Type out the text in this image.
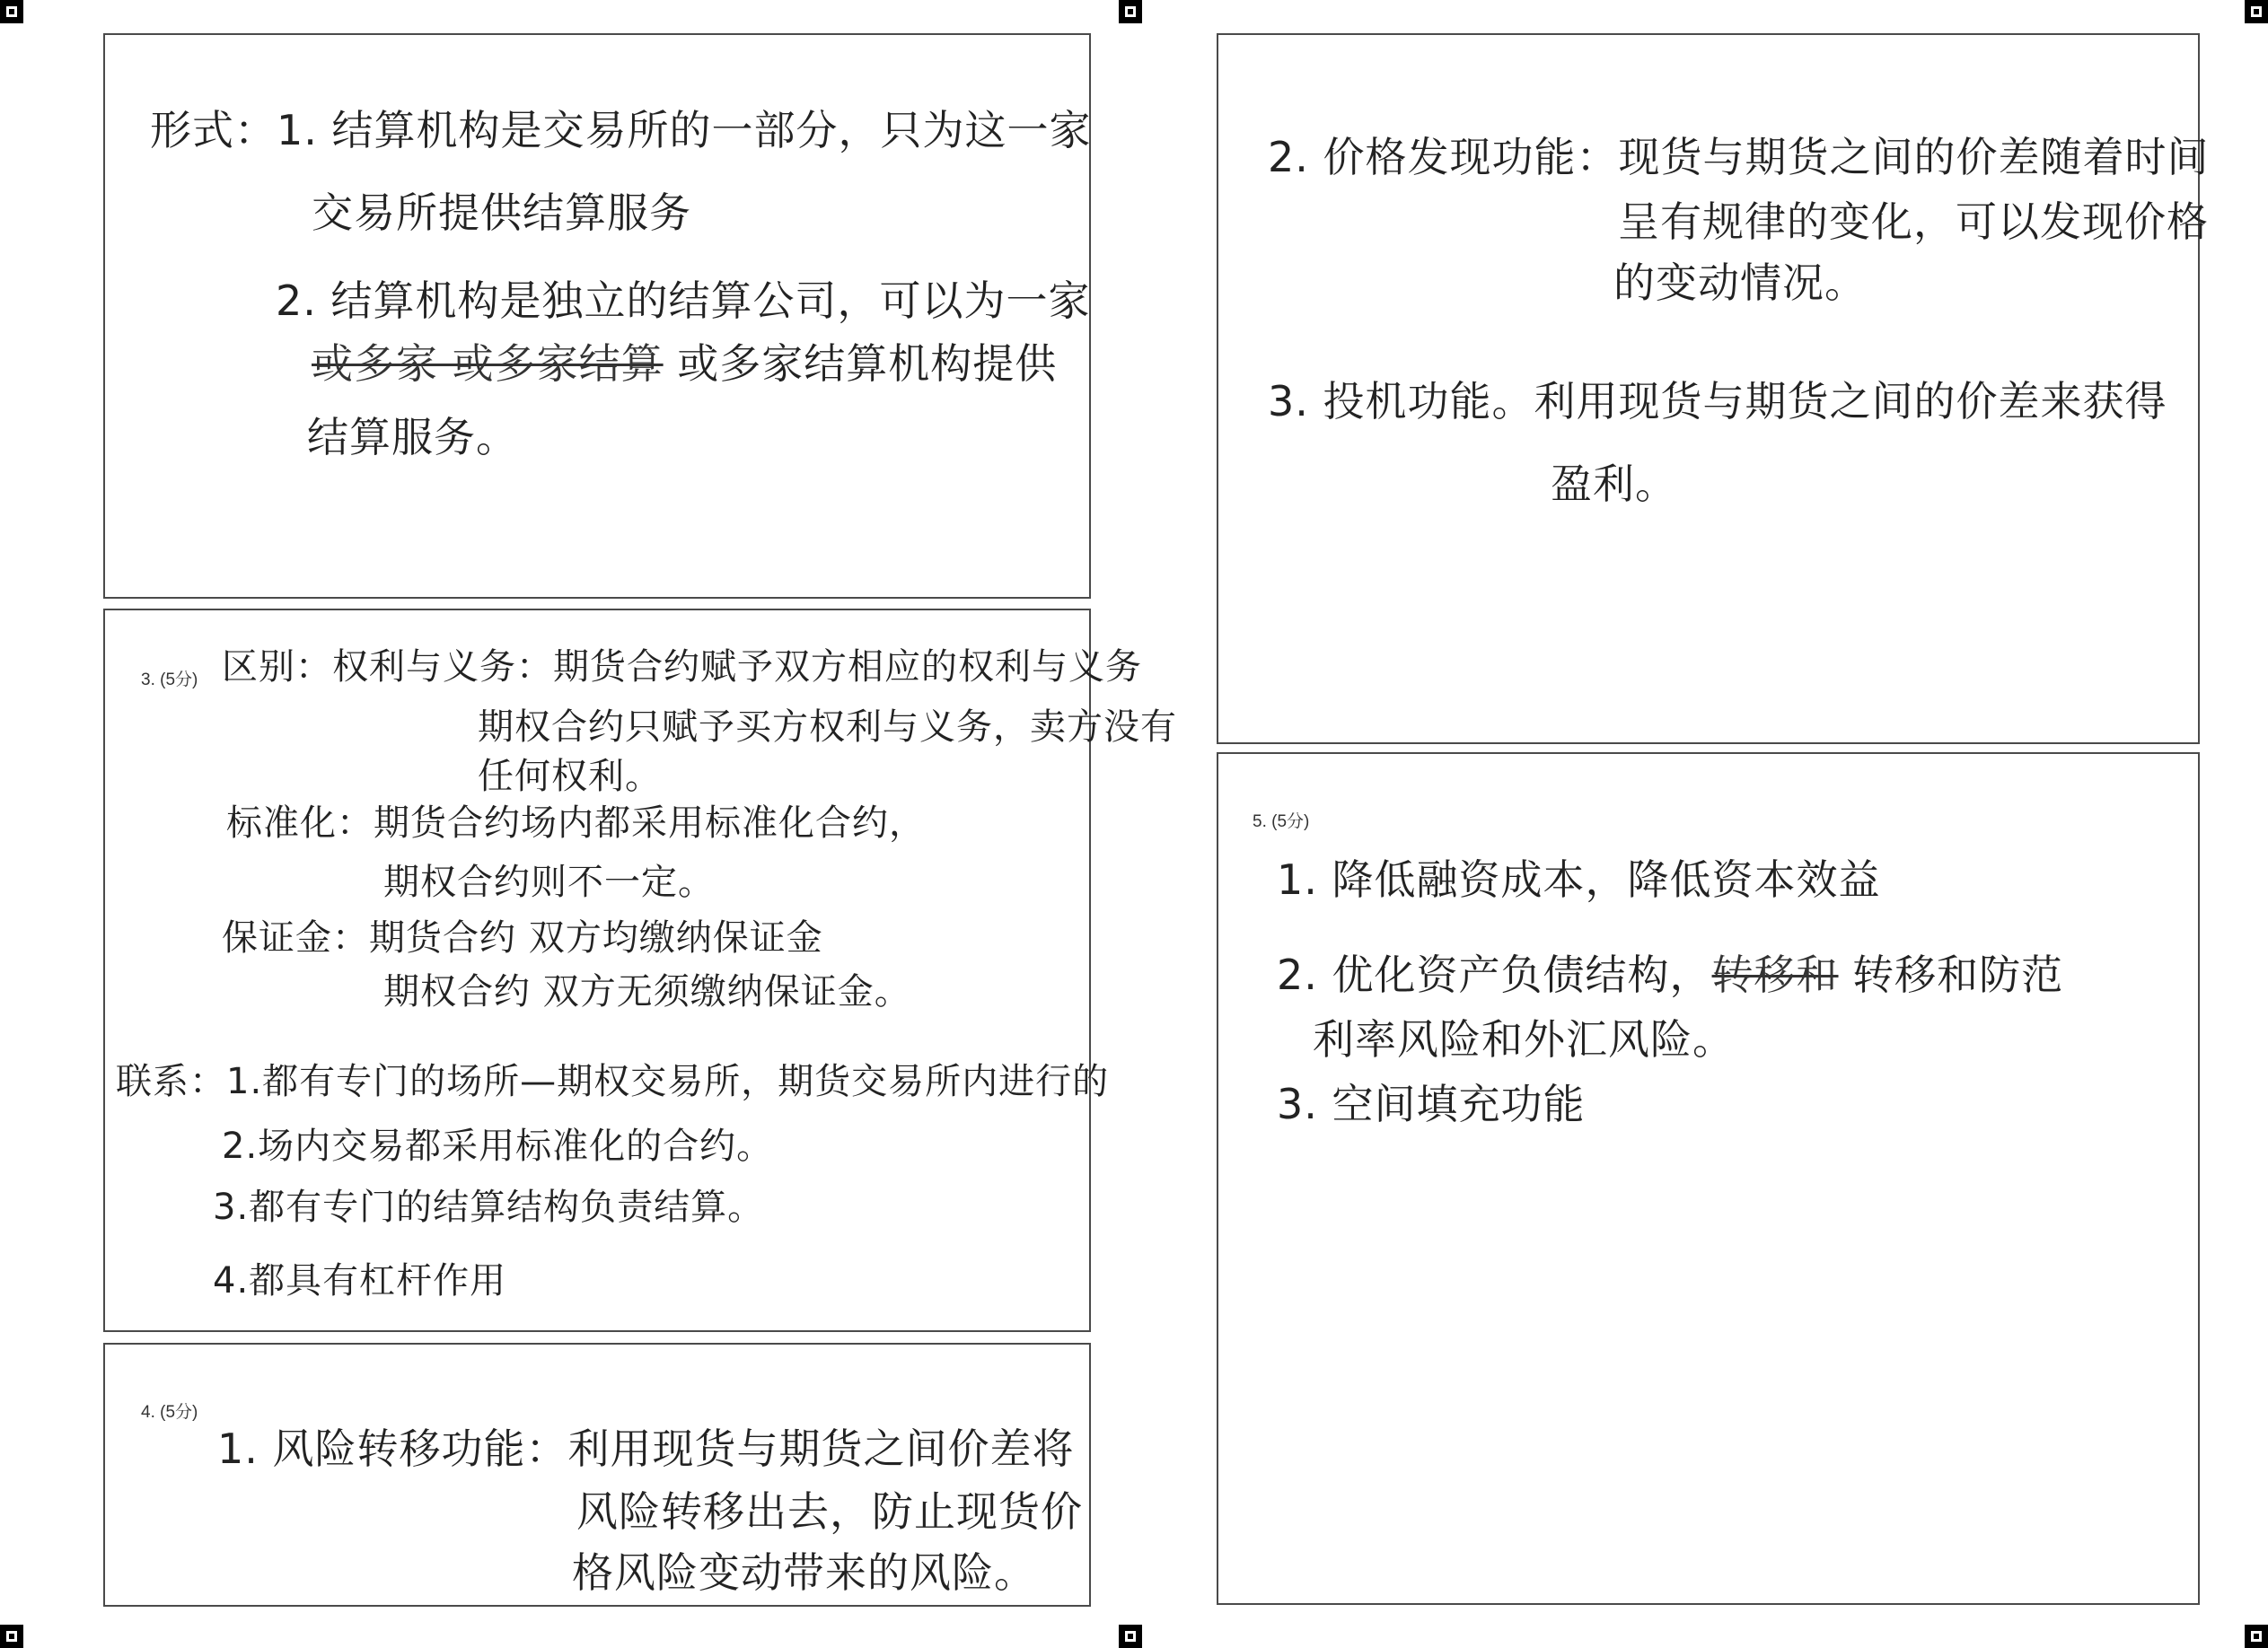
形式：1. 结算机构是交易所的一部分，只为这一家
交易所提供结算服务
2. 结算机构是独立的结算公司，可以为一家
或多家 或多家结算 或多家结算机构提供
结算服务。
3. (5分) 区别：权利与义务：期货合约赋予双方相应的权利与义务
期权合约只赋予买方权利与义务，卖方没有
任何权利。
标准化：期货合约场内都采用标准化合约，
期权合约则不一定。
保证金：期货合约 双方均缴纳保证金
期权合约 双方无须缴纳保证金。
联系：1.都有专门的场所—期权交易所，期货交易所内进行的
2.场内交易都采用标准化的合约。
3.都有专门的结算结构负责结算。
4.都具有杠杆作用
4. (5分)
1. 风险转移功能：利用现货与期货之间价差将
风险转移出去，防止现货价
格风险变动带来的风险。
2. 价格发现功能：现货与期货之间的价差随着时间
呈有规律的变化，可以发现价格
的变动情况。
3. 投机功能。利用现货与期货之间的价差来获得
盈利。
5. (5分)
1. 降低融资成本，降低资本效益
2. 优化资产负债结构，转移和 转移和防范
利率风险和外汇风险。
3. 空间填充功能
